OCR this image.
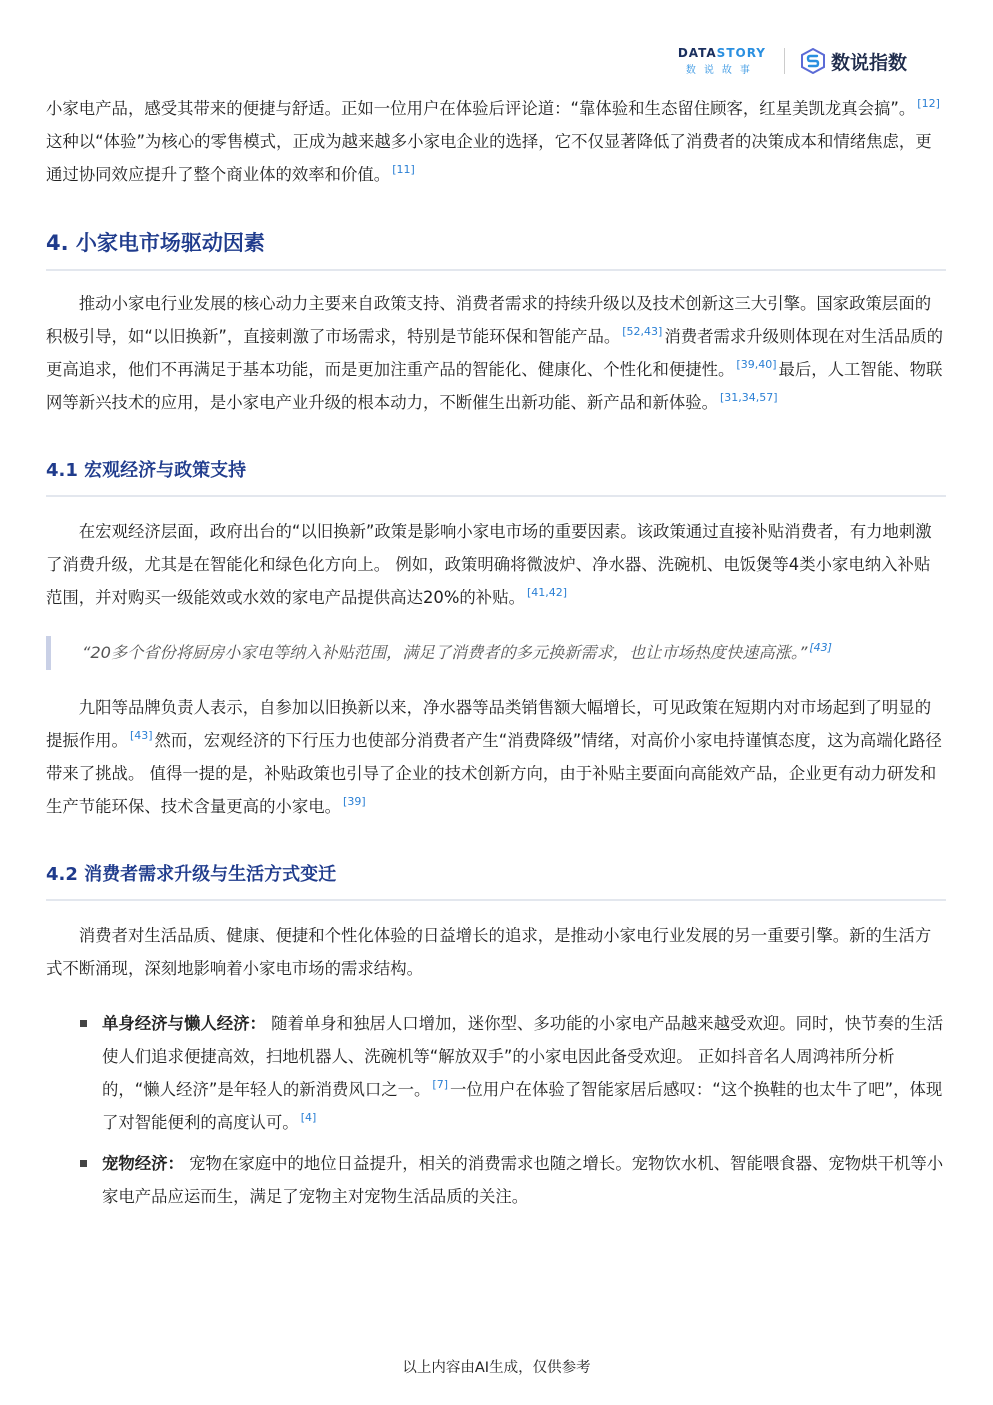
DATASTORY
数说故事	数说指数

小家电产品，感受其带来的便捷与舒适。正如一位用户在体验后评论道：“靠体验和生态留住顾客，红星美凯龙真会搞”。 [12]这种以“体验”为核心的零售模式，正成为越来越多小家电企业的选择，它不仅显著降低了消费者的决策成本和情绪焦虑，更通过协同效应提升了整个商业体的效率和价值。 [11]

4. 小家电市场驱动因素

推动小家电行业发展的核心动力主要来自政策支持、消费者需求的持续升级以及技术创新这三大引擎。国家政策层面的积极引导，如“以旧换新”，直接刺激了市场需求，特别是节能环保和智能产品。 [52,43] 消费者需求升级则体现在对生活品质的更高追求，他们不再满足于基本功能，而是更加注重产品的智能化、健康化、个性化和便捷性。 [39,40] 最后，人工智能、物联网等新兴技术的应用，是小家电产业升级的根本动力，不断催生出新功能、新产品和新体验。 [31,34,57]

4.1 宏观经济与政策支持

在宏观经济层面，政府出台的“以旧换新”政策是影响小家电市场的重要因素。该政策通过直接补贴消费者，有力地刺激了消费升级，尤其是在智能化和绿色化方向上。 例如，政策明确将微波炉、净水器、洗碗机、电饭煲等4类小家电纳入补贴范围，并对购买一级能效或水效的家电产品提供高达20%的补贴。 [41,42]

“20多个省份将厨房小家电等纳入补贴范围，满足了消费者的多元换新需求，也让市场热度快速高涨。” [43]

九阳等品牌负责人表示，自参加以旧换新以来，净水器等品类销售额大幅增长，可见政策在短期内对市场起到了明显的提振作用。 [43] 然而，宏观经济的下行压力也使部分消费者产生“消费降级”情绪，对高价小家电持谨慎态度，这为高端化路径带来了挑战。 值得一提的是，补贴政策也引导了企业的技术创新方向，由于补贴主要面向高能效产品，企业更有动力研发和生产节能环保、技术含量更高的小家电。 [39]

4.2 消费者需求升级与生活方式变迁

消费者对生活品质、健康、便捷和个性化体验的日益增长的追求，是推动小家电行业发展的另一重要引擎。新的生活方式不断涌现，深刻地影响着小家电市场的需求结构。

单身经济与懒人经济： 随着单身和独居人口增加，迷你型、多功能的小家电产品越来越受欢迎。同时，快节奏的生活使人们追求便捷高效，扫地机器人、洗碗机等“解放双手”的小家电因此备受欢迎。 正如抖音名人周鸿祎所分析的，“懒人经济”是年轻人的新消费风口之一。 [7] 一位用户在体验了智能家居后感叹：“这个换鞋的也太牛了吧”，体现了对智能便利的高度认可。 [4]
宠物经济： 宠物在家庭中的地位日益提升，相关的消费需求也随之增长。宠物饮水机、智能喂食器、宠物烘干机等小家电产品应运而生，满足了宠物主对宠物生活品质的关注。
以上内容由AI生成，仅供参考
